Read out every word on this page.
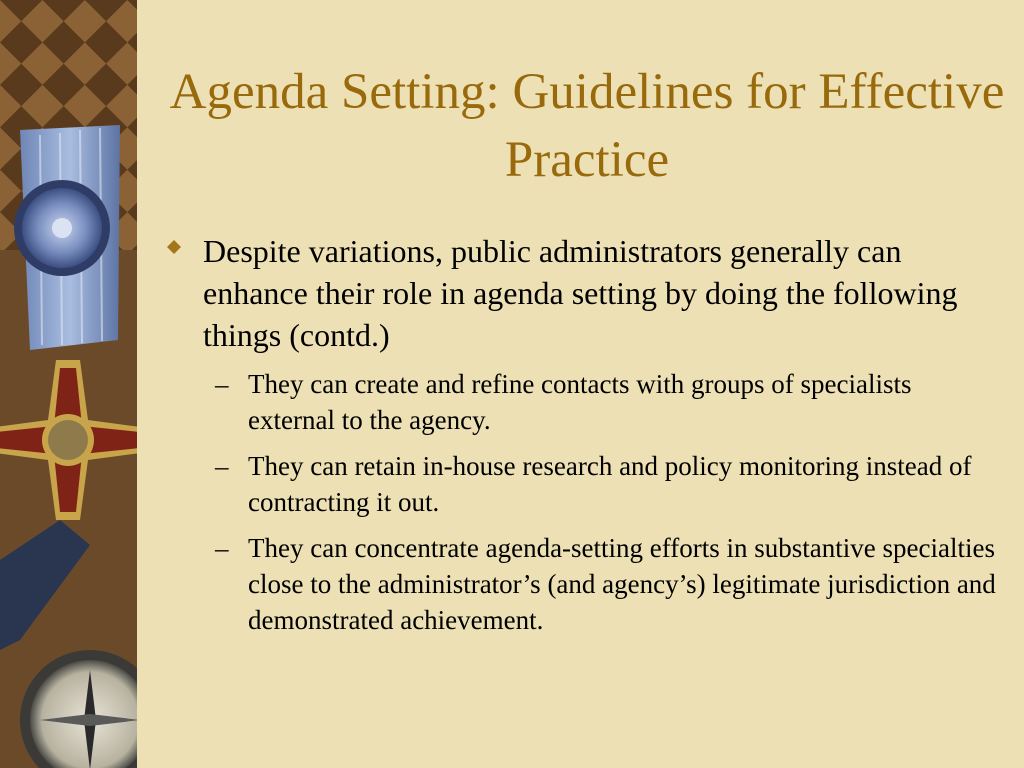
Agenda Setting: Guidelines for Effective Practice
Despite variations, public administrators generally can enhance their role in agenda setting by doing the following things (contd.)
– They can create and refine contacts with groups of specialists external to the agency.
– They can retain in-house research and policy monitoring instead of contracting it out.
– They can concentrate agenda-setting efforts in substantive specialties close to the administrator’s (and agency’s) legitimate jurisdiction and demonstrated achievement.
